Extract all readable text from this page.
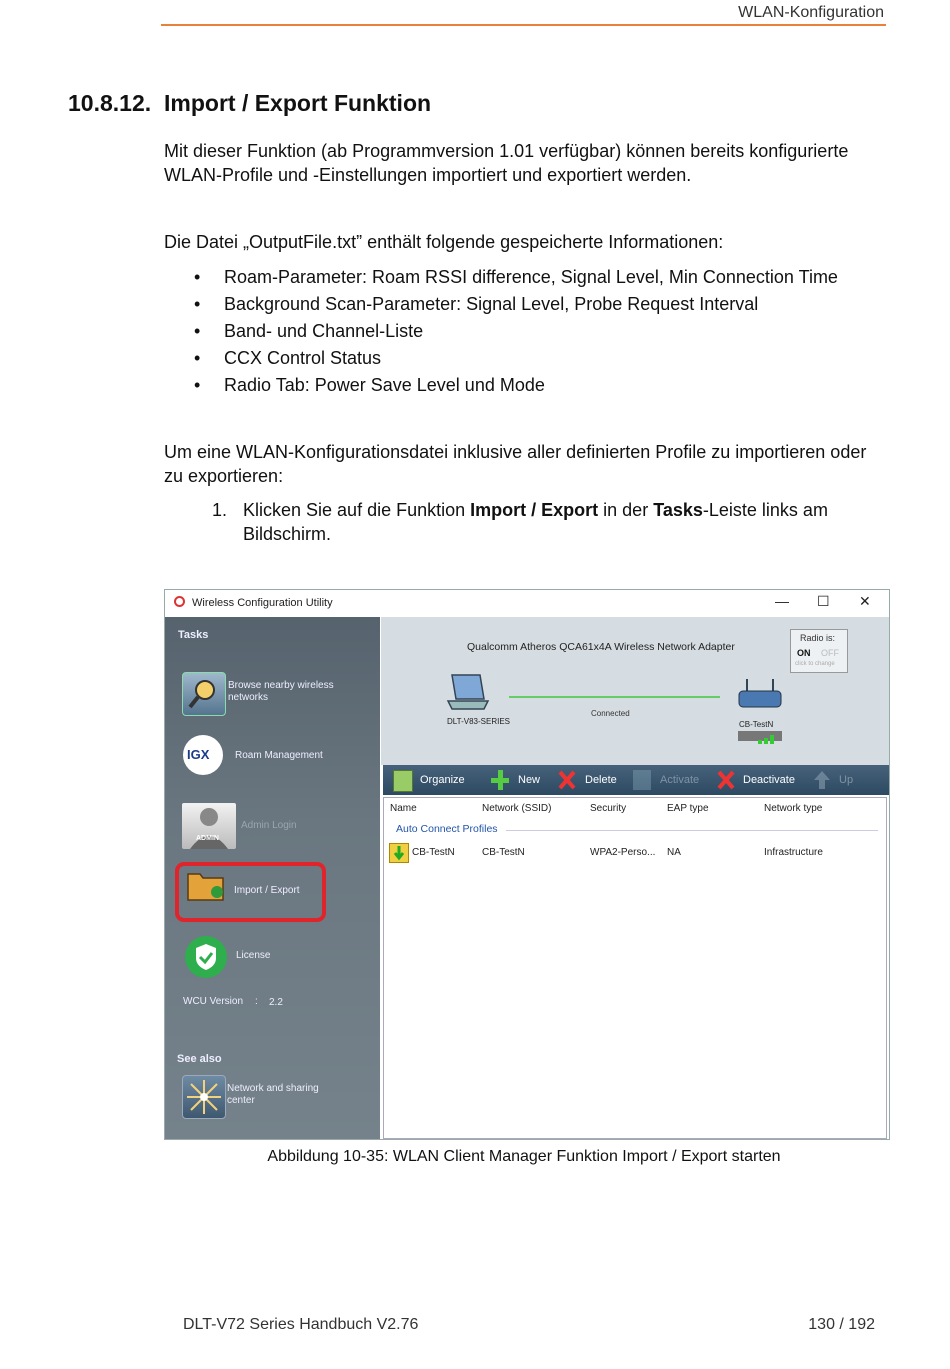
WLAN-Konfiguration
10.8.12. Import / Export Funktion
Mit dieser Funktion (ab Programmversion 1.01 verfügbar) können bereits konfigurierte WLAN-Profile und -Einstellungen importiert und exportiert werden.
Die Datei „OutputFile.txt” enthält folgende gespeicherte Informationen:
• Roam-Parameter: Roam RSSI difference, Signal Level, Min Connection Time
• Background Scan-Parameter: Signal Level, Probe Request Interval
• Band- und Channel-Liste
• CCX Control Status
• Radio Tab: Power Save Level und Mode
Um eine WLAN-Konfigurationsdatei inklusive aller definierten Profile zu importieren oder zu exportieren:
1. Klicken Sie auf die Funktion Import / Export in der Tasks-Leiste links am Bildschirm.
Wireless Configuration Utility	— ☐ ✕
Tasks
Browse nearby wireless networks
IGX	Roam Management
ADMIN
Admin Login
Import / Export
License
WCU Version : 2.2
See also
Network and sharing center
Qualcomm Atheros QCA61x4A Wireless Network Adapter
Radio is:
ON OFF
click to change
DLT-V83-SERIES
Connected
CB-TestN
Organize	New	Delete	Activate	Deactivate	Up
Name	Network (SSID)	Security	EAP type	Network type
Auto Connect Profiles
CB-TestN	CB-TestN	WPA2-Perso... NA	Infrastructure
Abbildung 10-35: WLAN Client Manager Funktion Import / Export starten
DLT-V72 Series Handbuch V2.76	130 / 192
